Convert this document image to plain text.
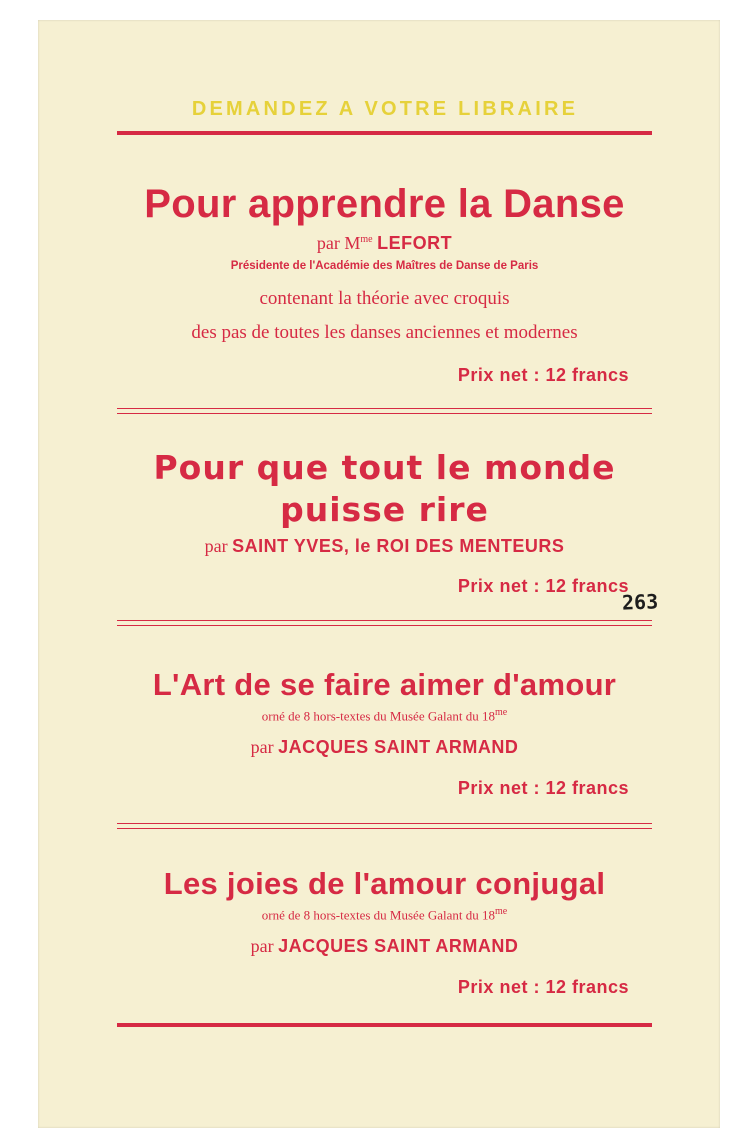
DEMANDEZ A VOTRE LIBRAIRE
Pour apprendre la Danse
par $M^{me}$ LEFORT
Présidente de l'Académie des Maîtres de Danse de Paris
contenant la théorie avec croquis
des pas de toutes les danses anciennes et modernes
Prix net : 12 francs
Pour que tout le monde
puisse rire
par SAINT YVES, le ROI DES MENTEURS
Prix net : 12 francs
263
L'Art de se faire aimer d'amour
orné de 8 hors-textes du Musée Galant du $18^{me}$
par JACQUES SAINT ARMAND
Prix net : 12 francs
Les joies de l'amour conjugal
orné de 8 hors-textes du Musée Galant du $18^{me}$
par JACQUES SAINT ARMAND
Prix net : 12 francs
